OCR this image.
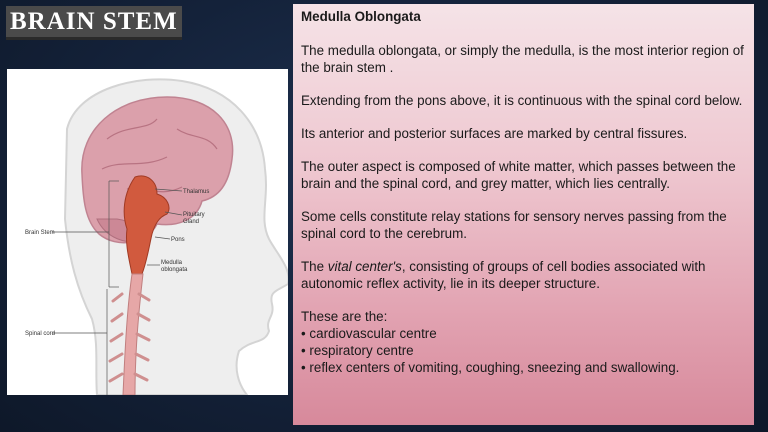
BRAIN STEM
Thalamus
Pituitary
Gland
Brain Stem
Pons
Medulla
oblongata
Spinal cord

Medulla Oblongata

The medulla oblongata, or simply the medulla, is the most interior region of the brain stem .

Extending from the pons above, it is continuous with the spinal cord below.

Its anterior and posterior surfaces are marked by central fissures.

The outer aspect is composed of white matter, which passes between the brain and the spinal cord, and grey matter, which lies centrally.

Some cells constitute relay stations for sensory nerves passing from the spinal cord to the cerebrum.

The vital center's, consisting of groups of cell bodies associated with autonomic reflex activity, lie in its deeper structure.

These are the:
• cardiovascular centre
• respiratory centre
• reflex centers of vomiting, coughing, sneezing and swallowing.
